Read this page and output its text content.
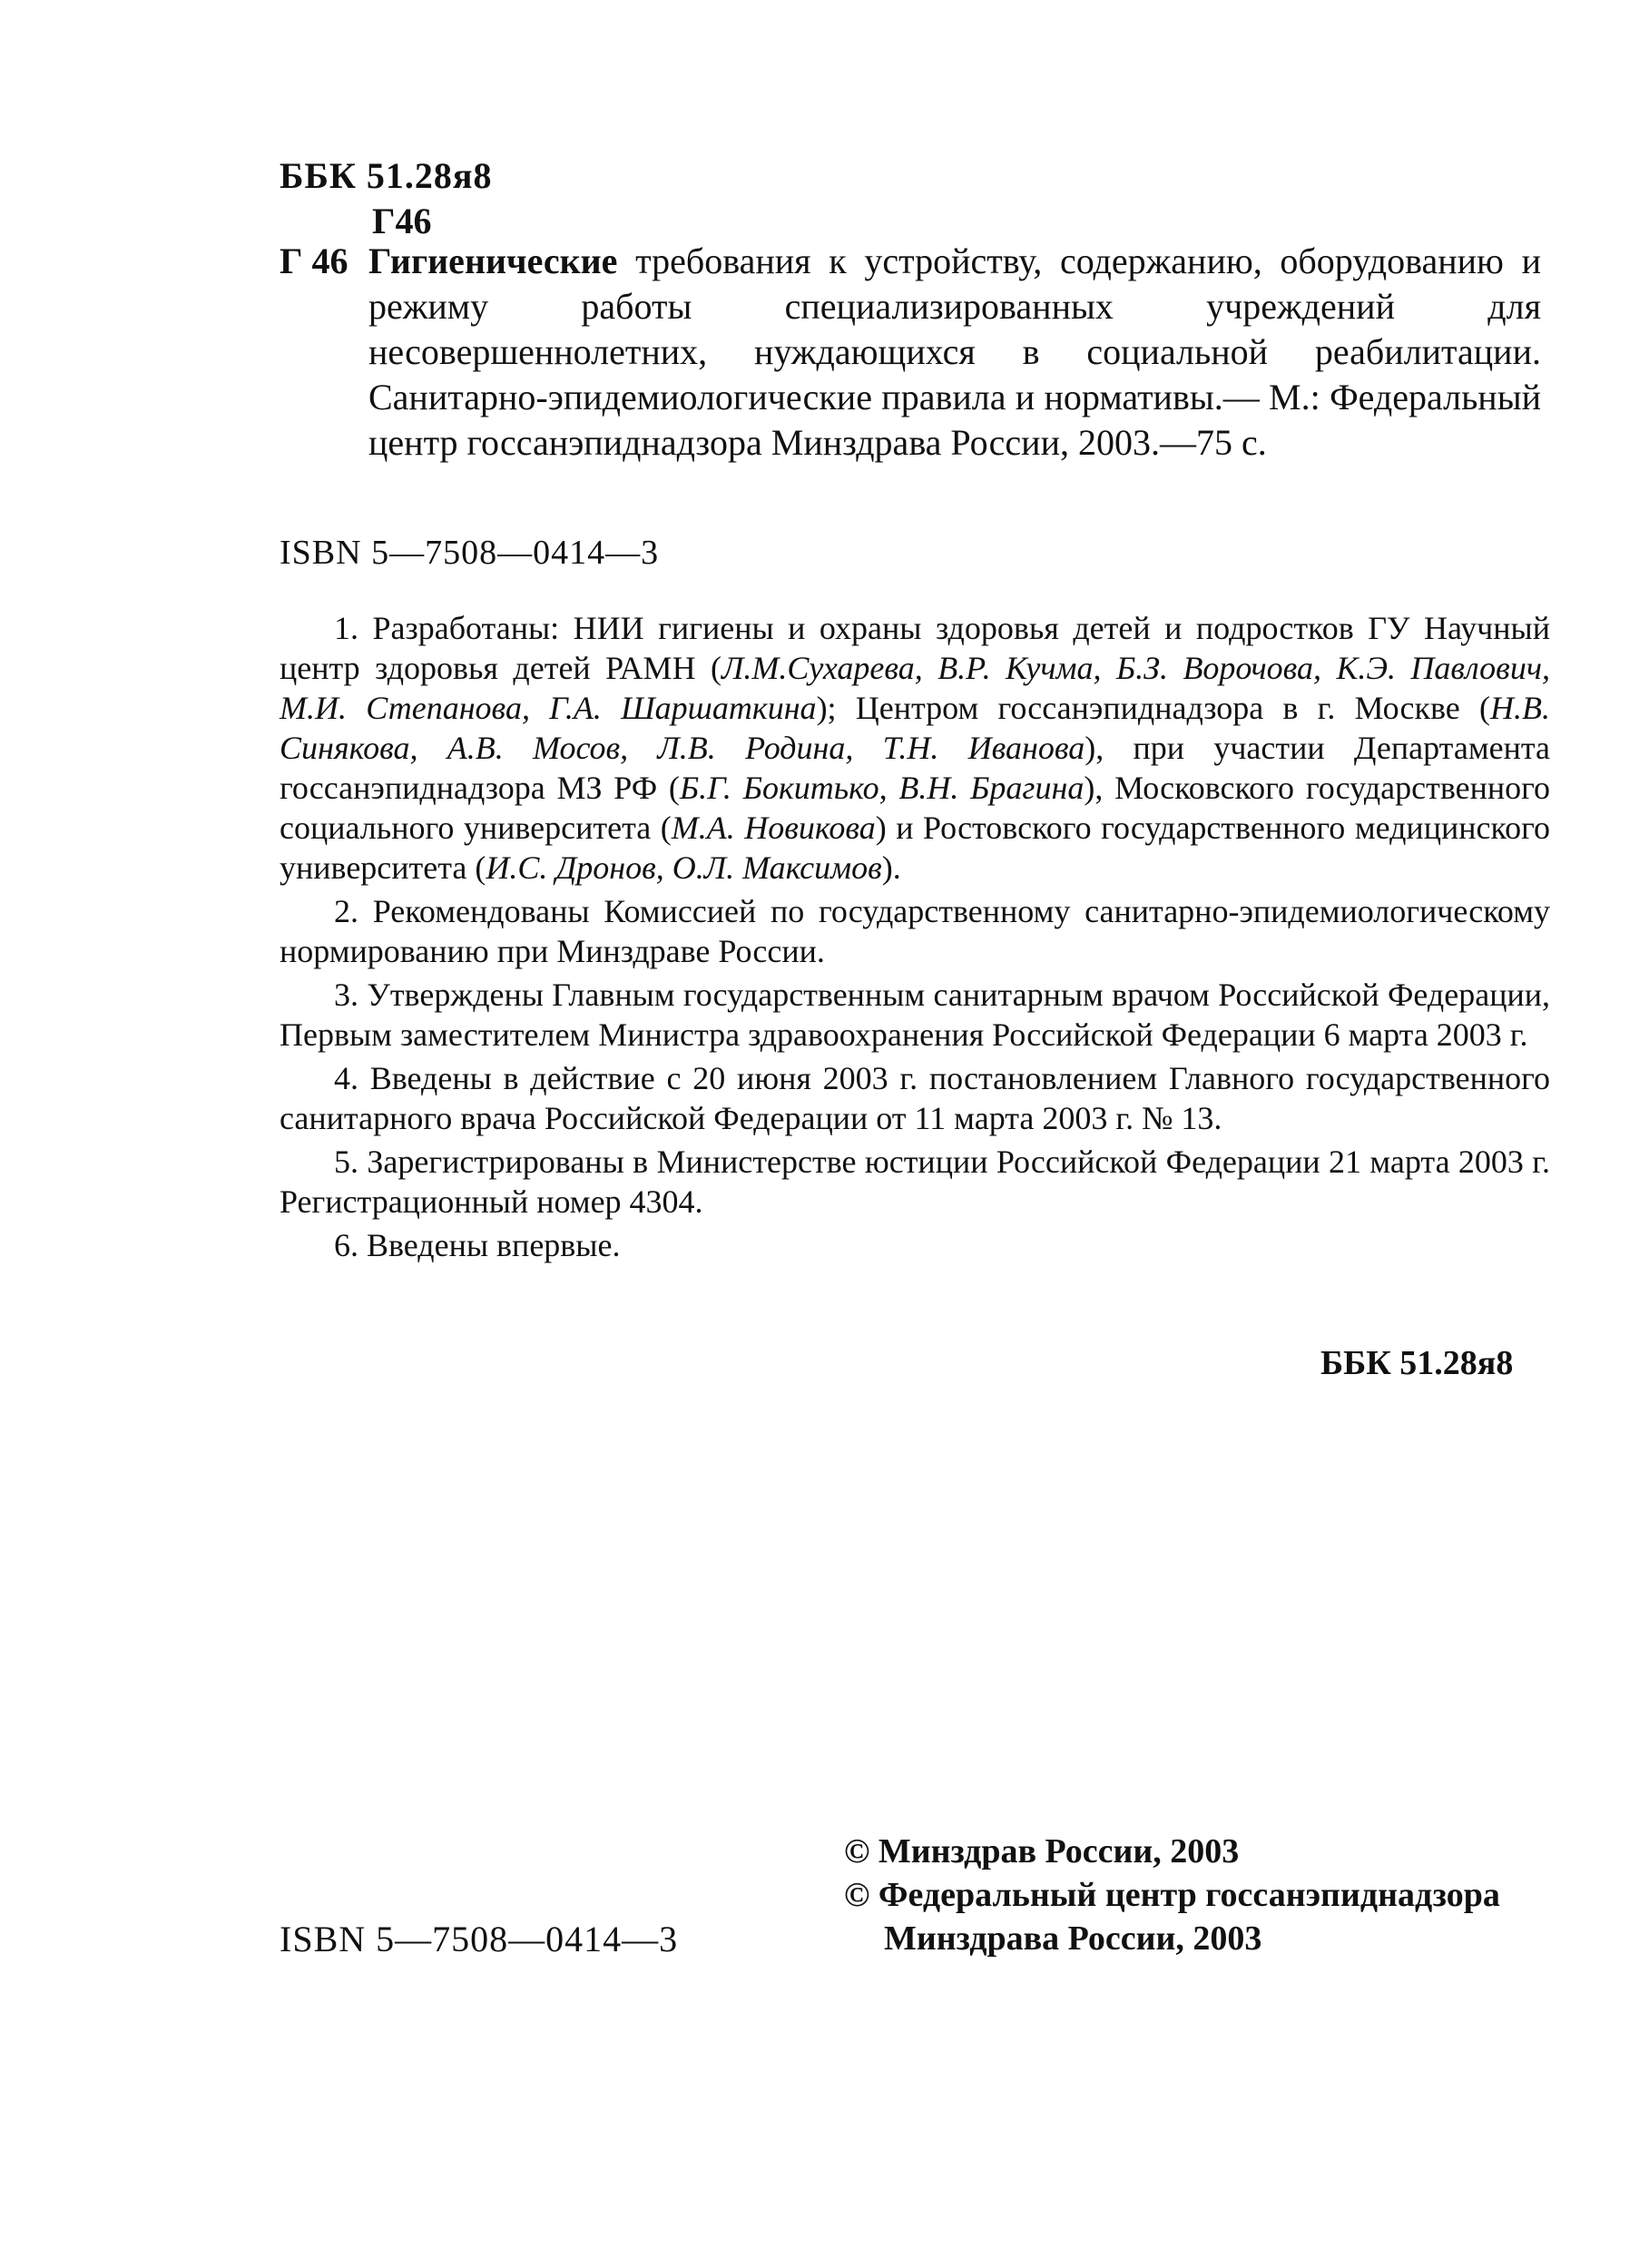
ББК 51.28я8
Г46
Г 46 Гигиенические требования к устройству, содержанию, оборудованию и режиму работы специализированных учреждений для несовершеннолетних, нуждающихся в социальной реабилитации. Санитарно-эпидемиологические правила и нормативы.— М.: Федеральный центр госсанэпиднадзора Минздрава России, 2003.—75 с.
ISBN 5—7508—0414—3

1. Разработаны: НИИ гигиены и охраны здоровья детей и подростков ГУ Научный центр здоровья детей РАМН (Л.М.Сухарева, В.Р. Кучма, Б.З. Ворочова, К.Э. Павлович, М.И. Степанова, Г.А. Шаршаткина); Центром госсанэпиднадзора в г. Москве (Н.В. Синякова, А.В. Мосов, Л.В. Родина, Т.Н. Иванова), при участии Департамента госсанэпиднадзора МЗ РФ (Б.Г. Бокитько, В.Н. Брагина), Московского государственного социального университета (М.А. Новикова) и Ростовского государственного медицинского университета (И.С. Дронов, О.Л. Максимов).

2. Рекомендованы Комиссией по государственному санитарно-эпидемиологическому нормированию при Минздраве России.

3. Утверждены Главным государственным санитарным врачом Российской Федерации, Первым заместителем Министра здравоохранения Российской Федерации 6 марта 2003 г.

4. Введены в действие с 20 июня 2003 г. постановлением Главного государственного санитарного врача Российской Федерации от 11 марта 2003 г. № 13.

5. Зарегистрированы в Министерстве юстиции Российской Федерации 21 марта 2003 г. Регистрационный номер 4304.

6. Введены впервые.

ББК 51.28я8
© Минздрав России, 2003
© Федеральный центр госсанэпиднадзора
Минздрава России, 2003
ISBN 5—7508—0414—3
